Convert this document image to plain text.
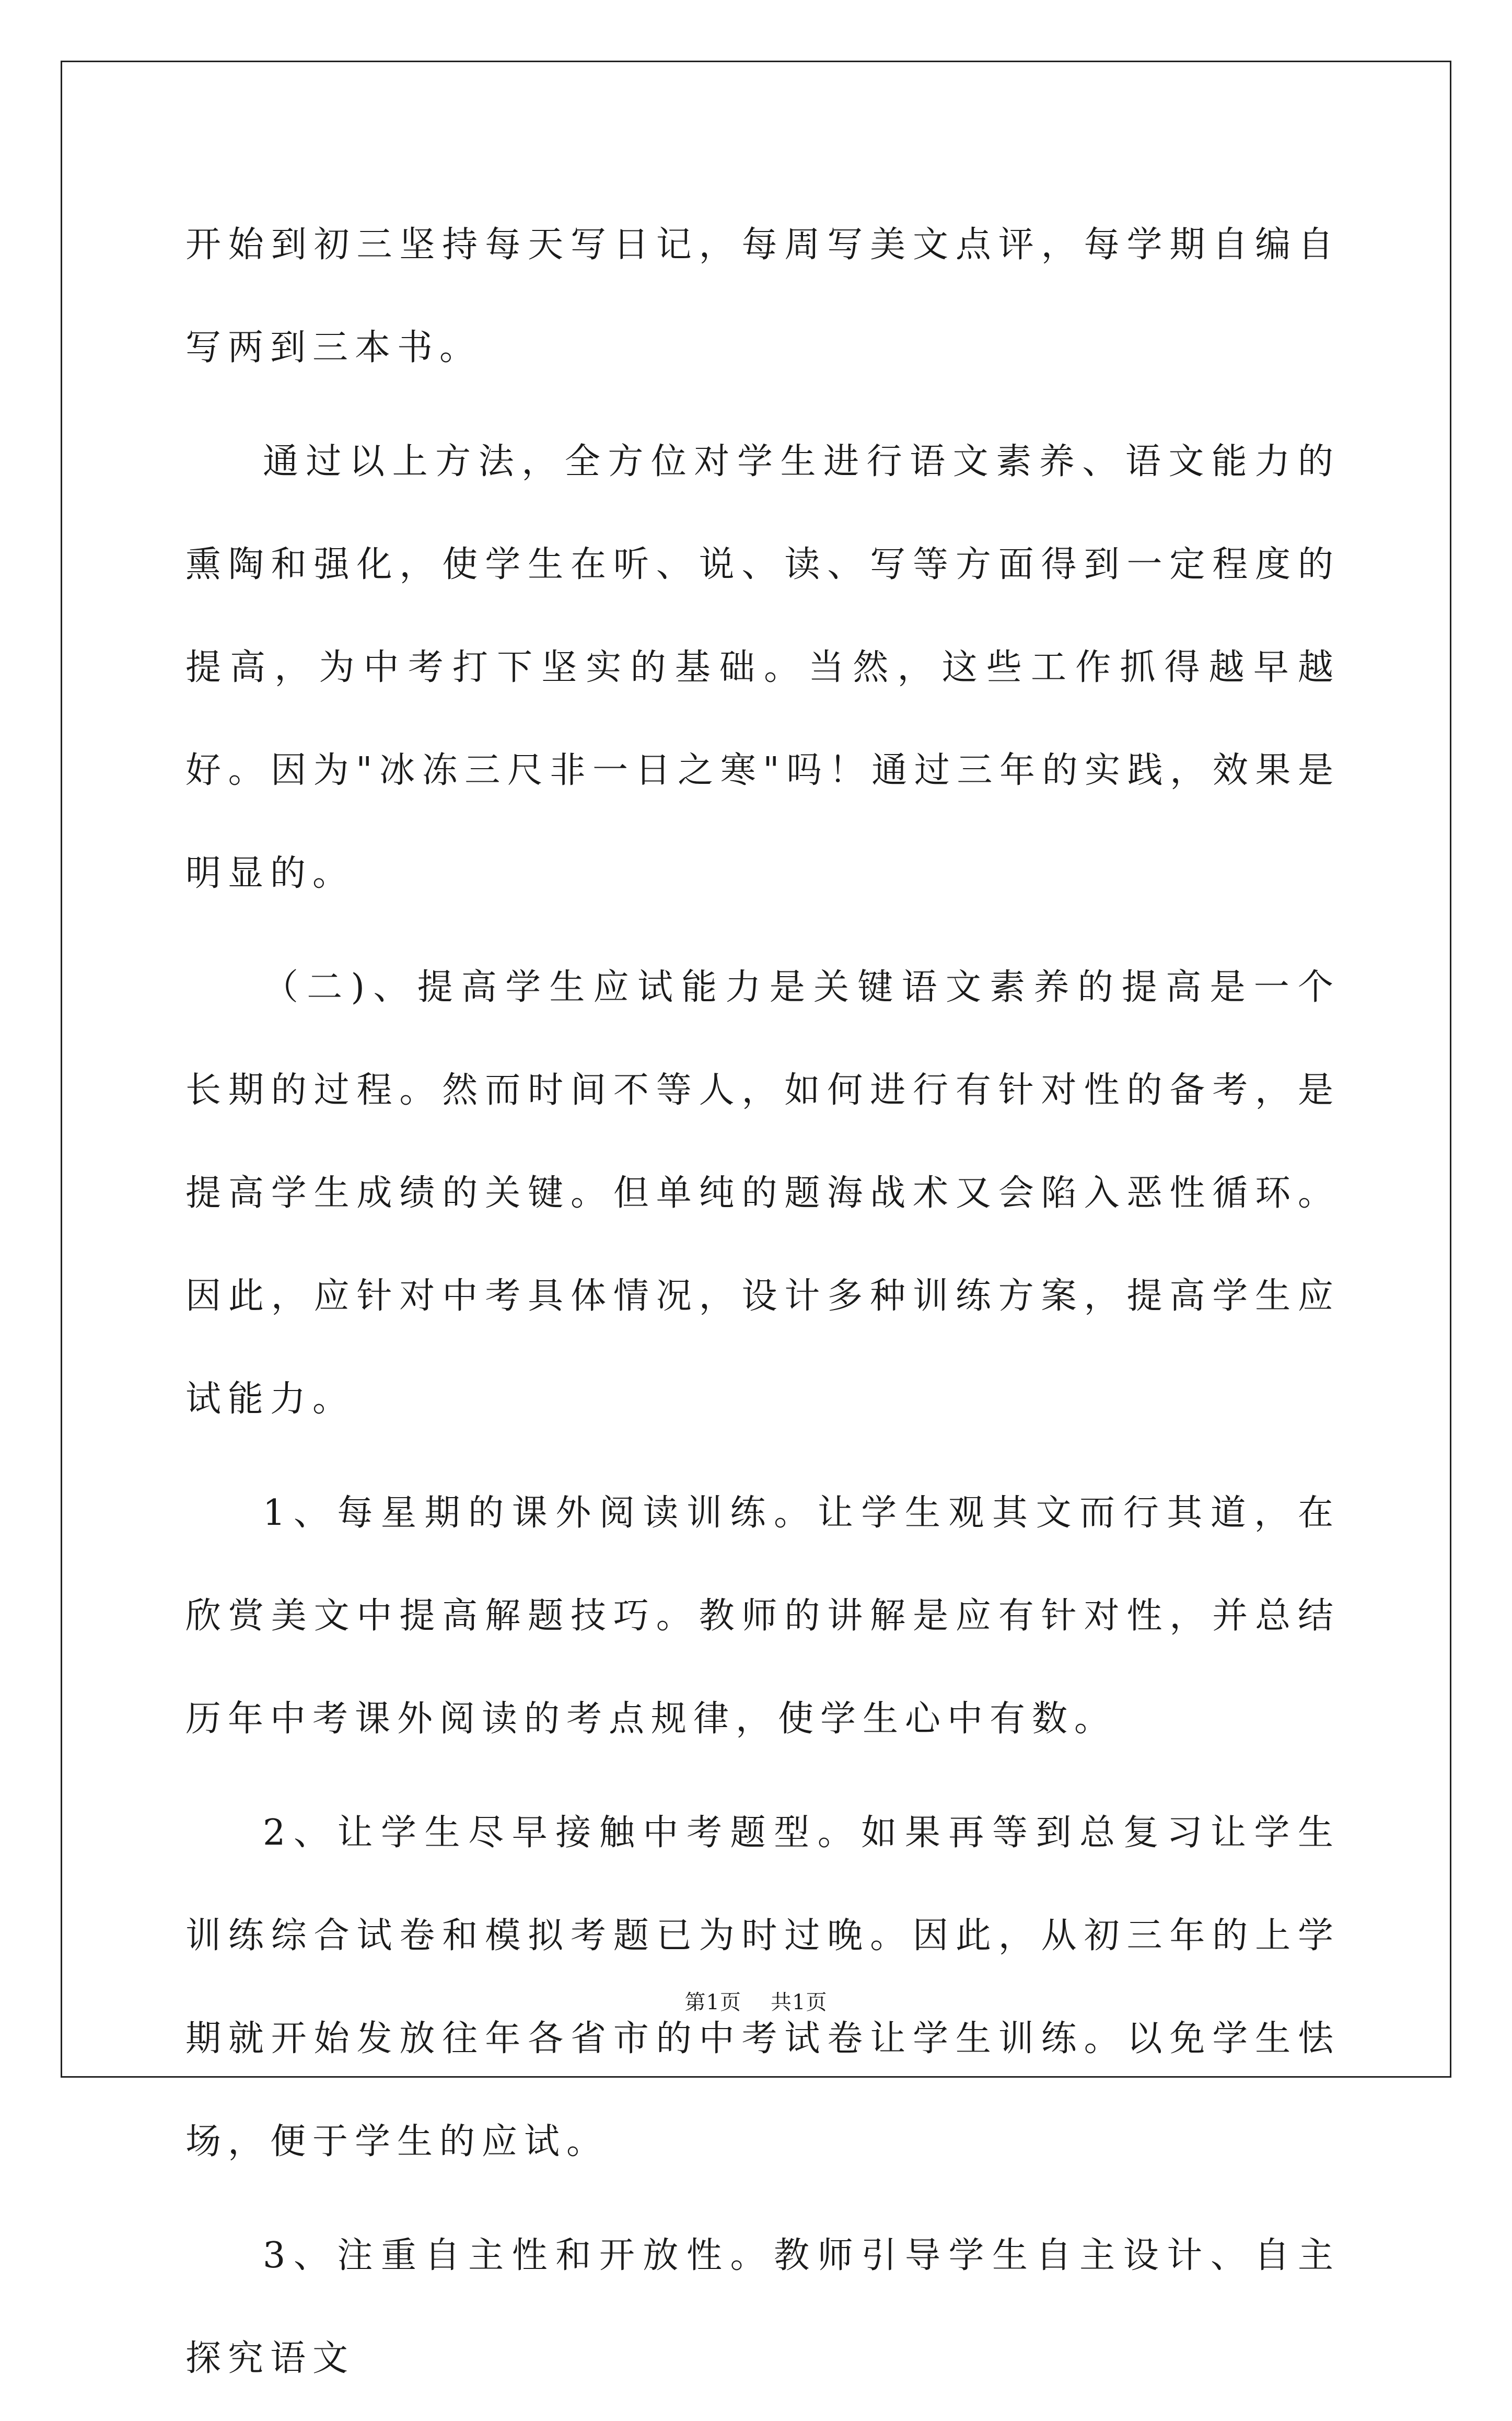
开始到初三坚持每天写日记，每周写美文点评，每学期自编自写两到三本书。

通过以上方法，全方位对学生进行语文素养、语文能力的熏陶和强化，使学生在听、说、读、写等方面得到一定程度的提高，为中考打下坚实的基础。当然，这些工作抓得越早越好。因为"冰冻三尺非一日之寒"吗！通过三年的实践，效果是明显的。

（二)、提高学生应试能力是关键语文素养的提高是一个长期的过程。然而时间不等人，如何进行有针对性的备考，是提高学生成绩的关键。但单纯的题海战术又会陷入恶性循环。因此，应针对中考具体情况，设计多种训练方案，提高学生应试能力。

1、每星期的课外阅读训练。让学生观其文而行其道，在欣赏美文中提高解题技巧。教师的讲解是应有针对性，并总结历年中考课外阅读的考点规律，使学生心中有数。

2、让学生尽早接触中考题型。如果再等到总复习让学生训练综合试卷和模拟考题已为时过晚。因此，从初三年的上学期就开始发放往年各省市的中考试卷让学生训练。以免学生怯场，便于学生的应试。

3、注重自主性和开放性。教师引导学生自主设计、自主探究语文

第1页 共1页
